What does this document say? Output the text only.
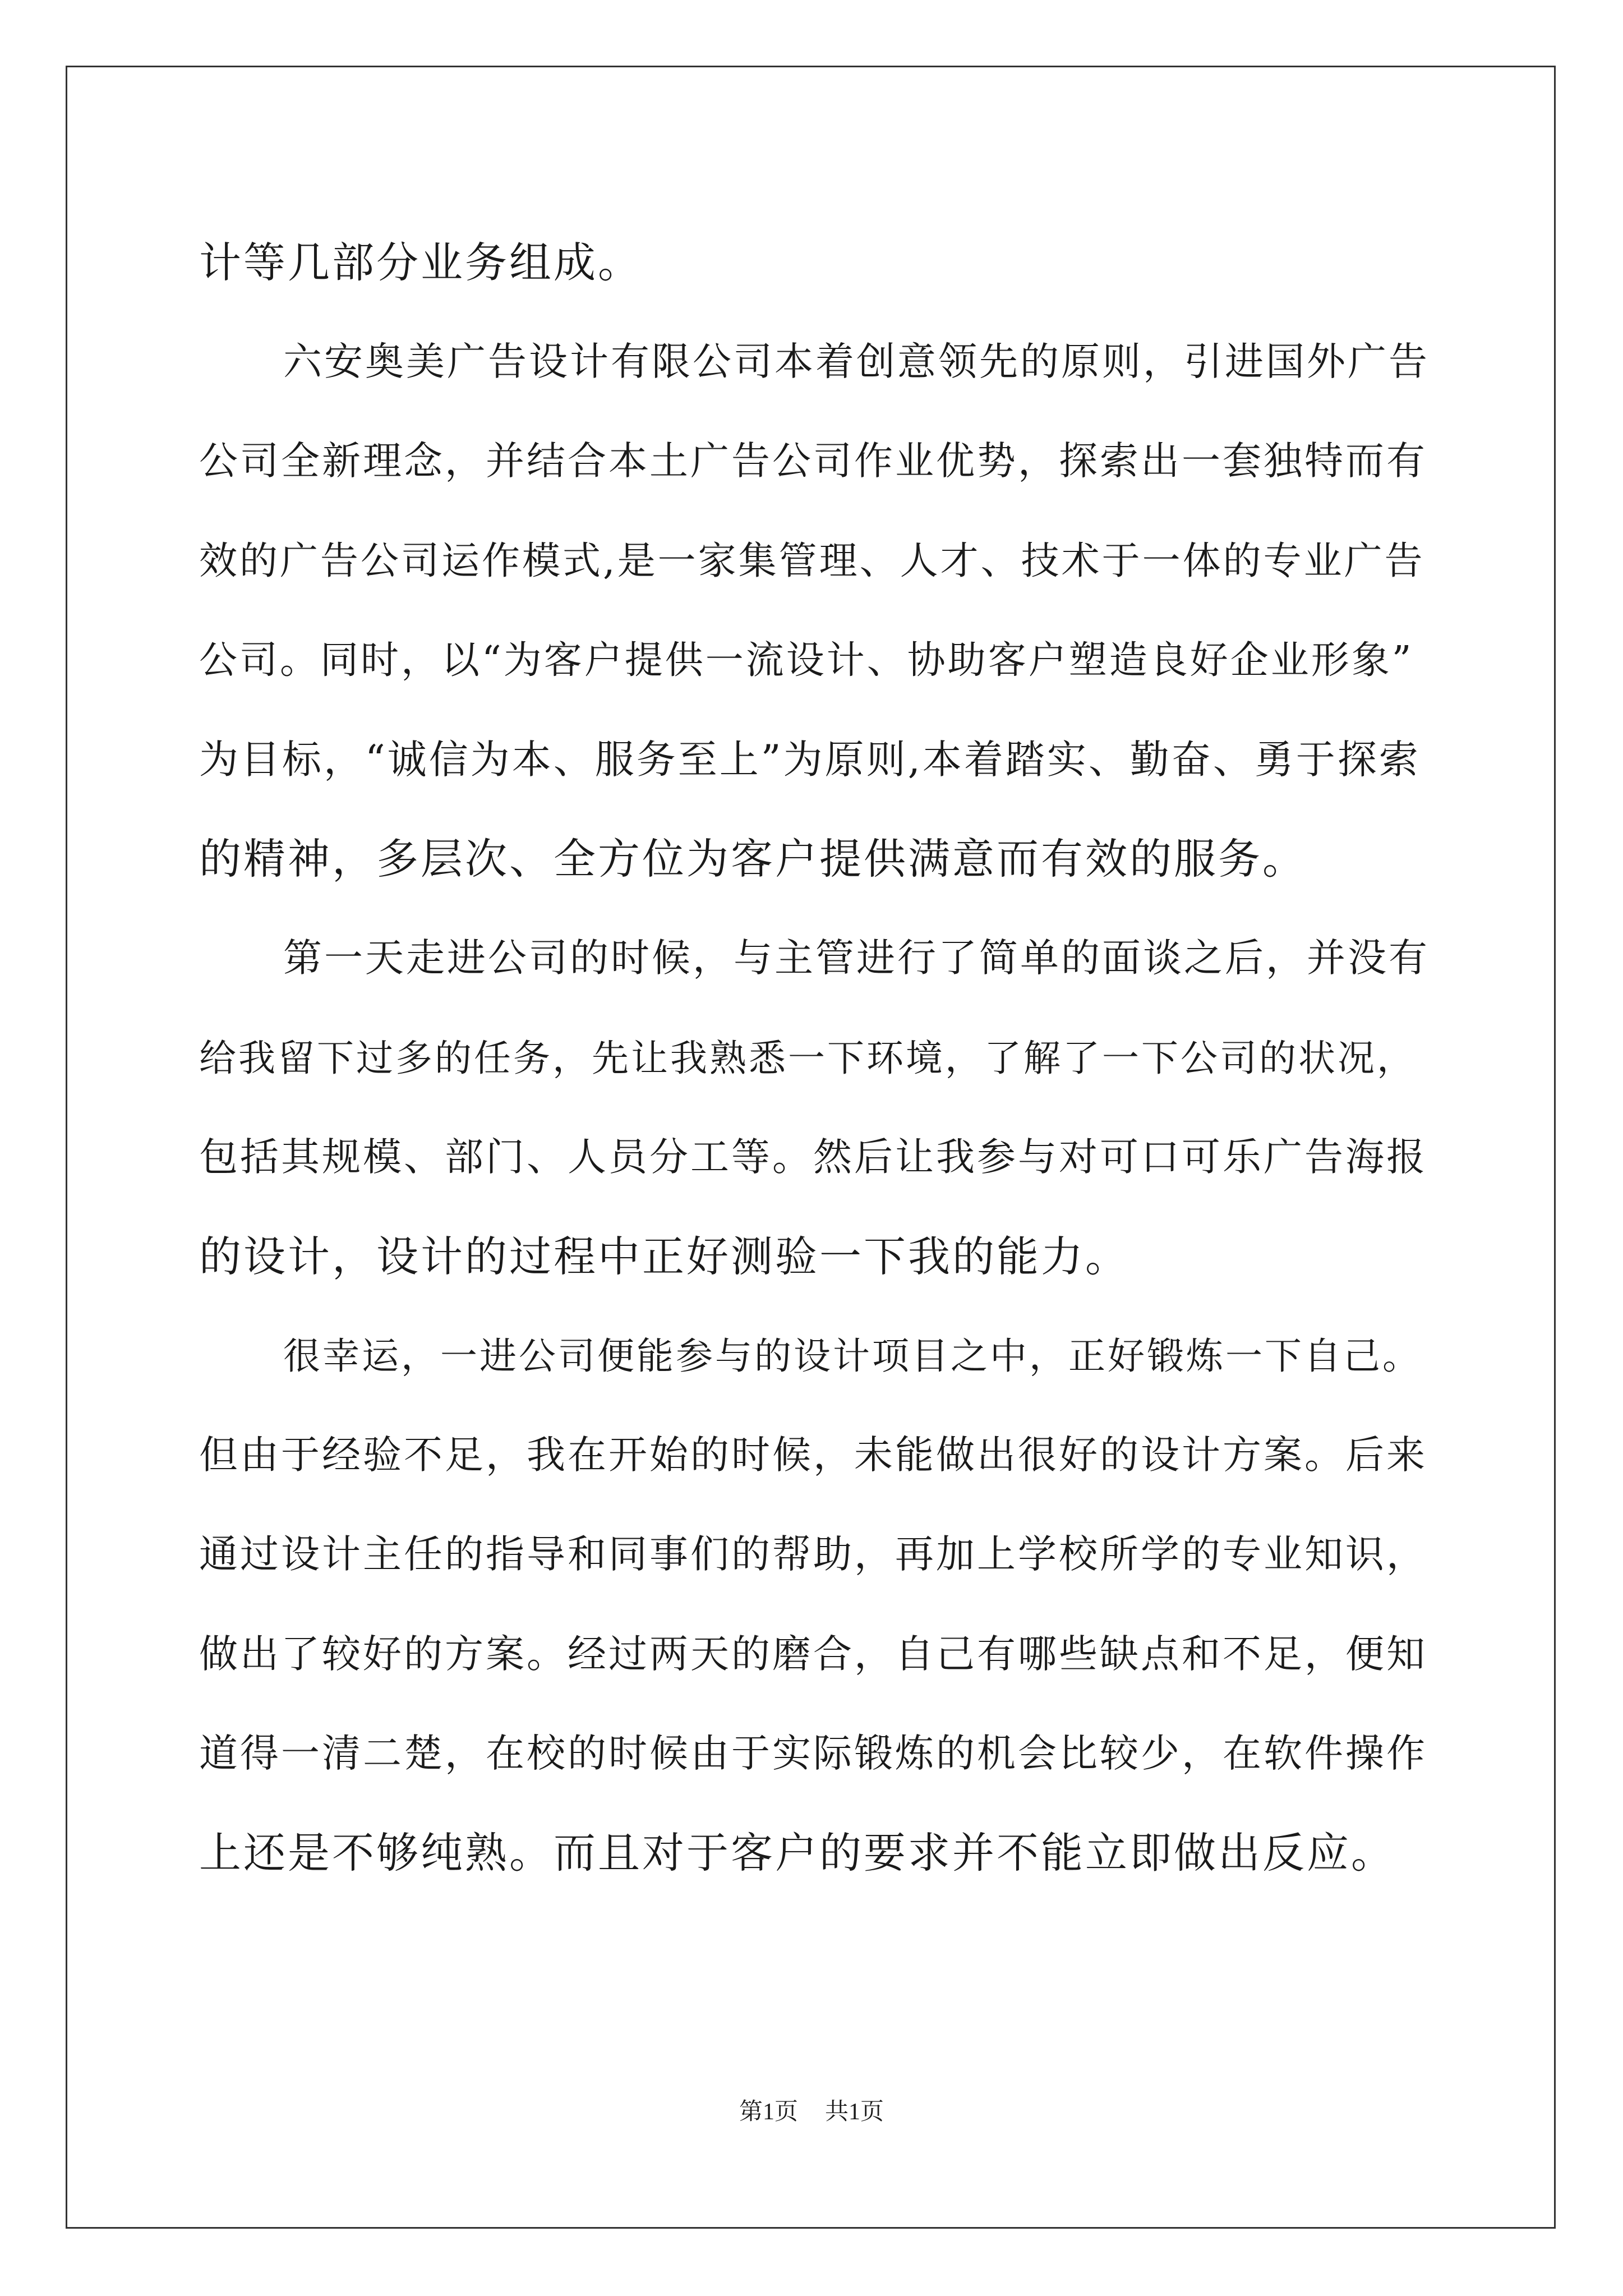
计等几部分业务组成。
六安奥美广告设计有限公司本着创意领先的原则，引进国外广告
公司全新理念，并结合本土广告公司作业优势，探索出一套独特而有
效的广告公司运作模式,是一家集管理、人才、技术于一体的专业广告
公司。同时，以“为客户提供一流设计、协助客户塑造良好企业形象”
为目标，“诚信为本、服务至上”为原则,本着踏实、勤奋、勇于探索
的精神，多层次、全方位为客户提供满意而有效的服务。
第一天走进公司的时候，与主管进行了简单的面谈之后，并没有
给我留下过多的任务，先让我熟悉一下环境，了解了一下公司的状况，
包括其规模、部门、人员分工等。然后让我参与对可口可乐广告海报
的设计，设计的过程中正好测验一下我的能力。
很幸运，一进公司便能参与的设计项目之中，正好锻炼一下自己。
但由于经验不足，我在开始的时候，未能做出很好的设计方案。后来
通过设计主任的指导和同事们的帮助，再加上学校所学的专业知识，
做出了较好的方案。经过两天的磨合，自己有哪些缺点和不足，便知
道得一清二楚，在校的时候由于实际锻炼的机会比较少，在软件操作
上还是不够纯熟。而且对于客户的要求并不能立即做出反应。
第1页 共1页
